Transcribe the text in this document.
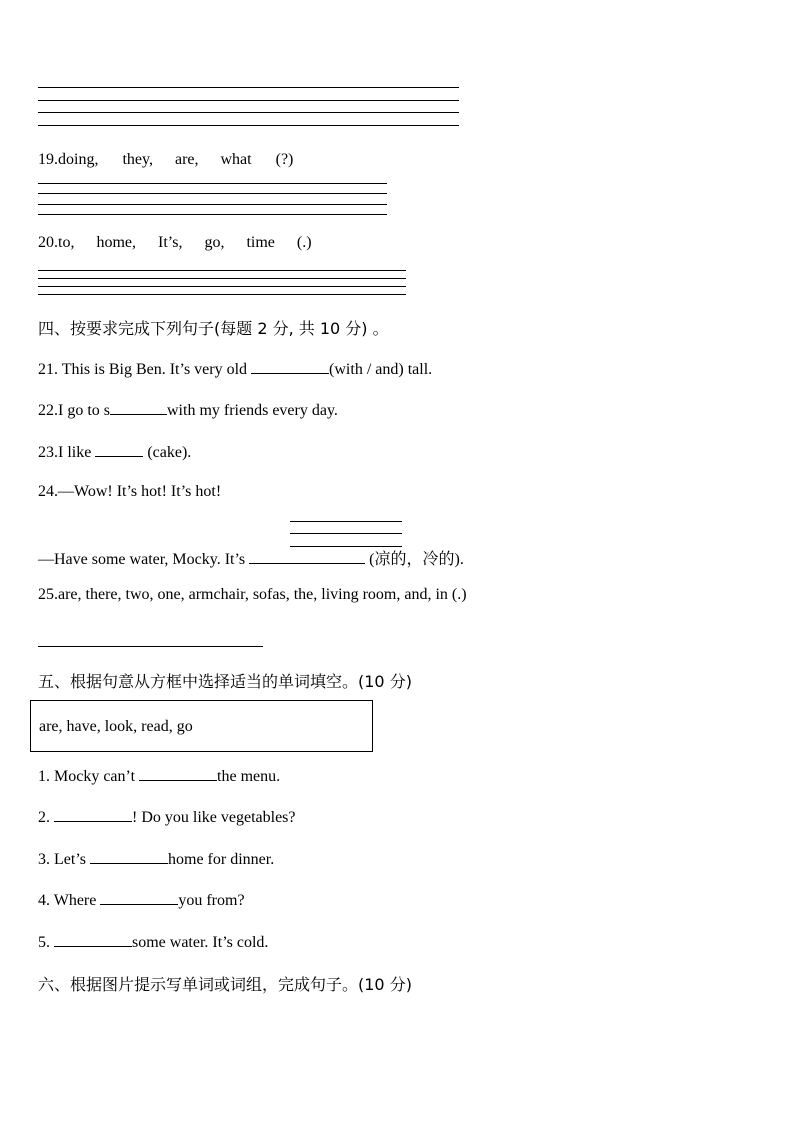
19.doing, they, are, what (?)
20.to, home, It’s, go, time (.)
四、按要求完成下列句子(每题 2 分, 共 10 分) 。
21. This is Big Ben. It’s very old	(with / and) tall.
22.I go to s	with my friends every day.
23.I like	(cake).
24.—Wow! It’s hot! It’s hot!
—Have some water, Mocky. It’s	(凉的，冷的).
25.are, there, two, one, armchair, sofas, the, living room, and, in (.)
五、根据句意从方框中选择适当的单词填空。(10 分)
are, have, look, read, go
1. Mocky can’t	the menu.
2.	! Do you like vegetables?
3. Let’s	home for dinner.
4. Where	you from?
5.	some water. It’s cold.
六、根据图片提示写单词或词组，完成句子。(10 分)
